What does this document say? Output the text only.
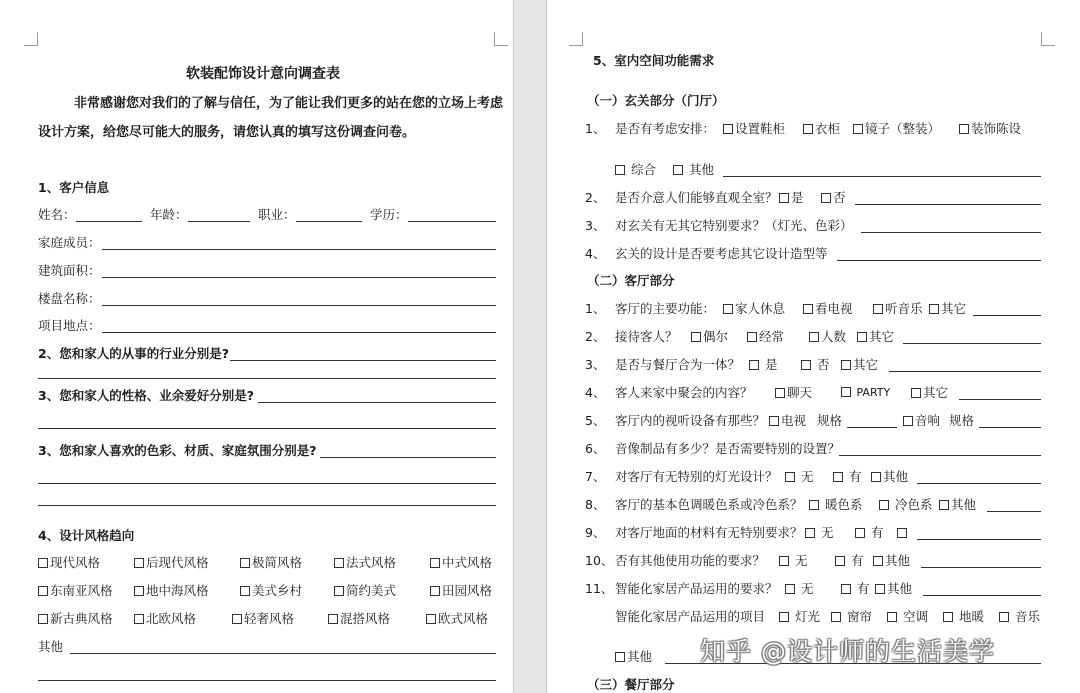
软装配饰设计意向调查表
非常感谢您对我们的了解与信任，为了能让我们更多的站在您的立场上考虑
设计方案，给您尽可能大的服务，请您认真的填写这份调查问卷。
1、客户信息
姓名：	年龄：	职业：	学历：
家庭成员：
建筑面积：
楼盘名称：
项目地点：
2、您和家人的从事的行业分别是?
3、您和家人的性格、业余爱好分别是?
3、您和家人喜欢的色彩、材质、家庭氛围分别是?
4、设计风格趋向
现代风格	后现代风格	极简风格	法式风格	中式风格
东南亚风格	地中海风格	美式乡村	简约美式	田园风格
新古典风格	北欧风格	轻奢风格	混搭风格	欧式风格
其他
5、室内空间功能需求
（一）玄关部分（门厅）
1、 是否有考虑安排：	设置鞋柜	衣柜	镜子（整装）	装饰陈设
综合	其他
2、 是否介意人们能够直观全室？	是	否
3、 对玄关有无其它特别要求？（灯光、色彩）
4、 玄关的设计是否要考虑其它设计造型等
（二）客厅部分
1、 客厅的主要功能：	家人休息	看电视	听音乐	其它
2、 接待客人？	偶尔	经常	人数	其它
3、 是否与餐厅合为一体？	是	否	其它
4、 客人来家中聚会的内容？	聊天	PARTY	其它
5、 客厅内的视听设备有那些？	电视 规格	音响 规格
6、 音像制品有多少？是否需要特别的设置？
7、 对客厅有无特别的灯光设计？	无	有	其他
8、 客厅的基本色调暖色系或冷色系？	暖色系	冷色系	其他
9、 对客厅地面的材料有无特别要求？	无	有
10、 否有其他使用功能的要求？	无	有	其他
11、 智能化家居产品运用的要求？	无	有	其他
智能化家居产品运用的项目	灯光	窗帘	空调	地暖	音乐
其他
（三）餐厅部分
知乎 @设计师的生活美学
